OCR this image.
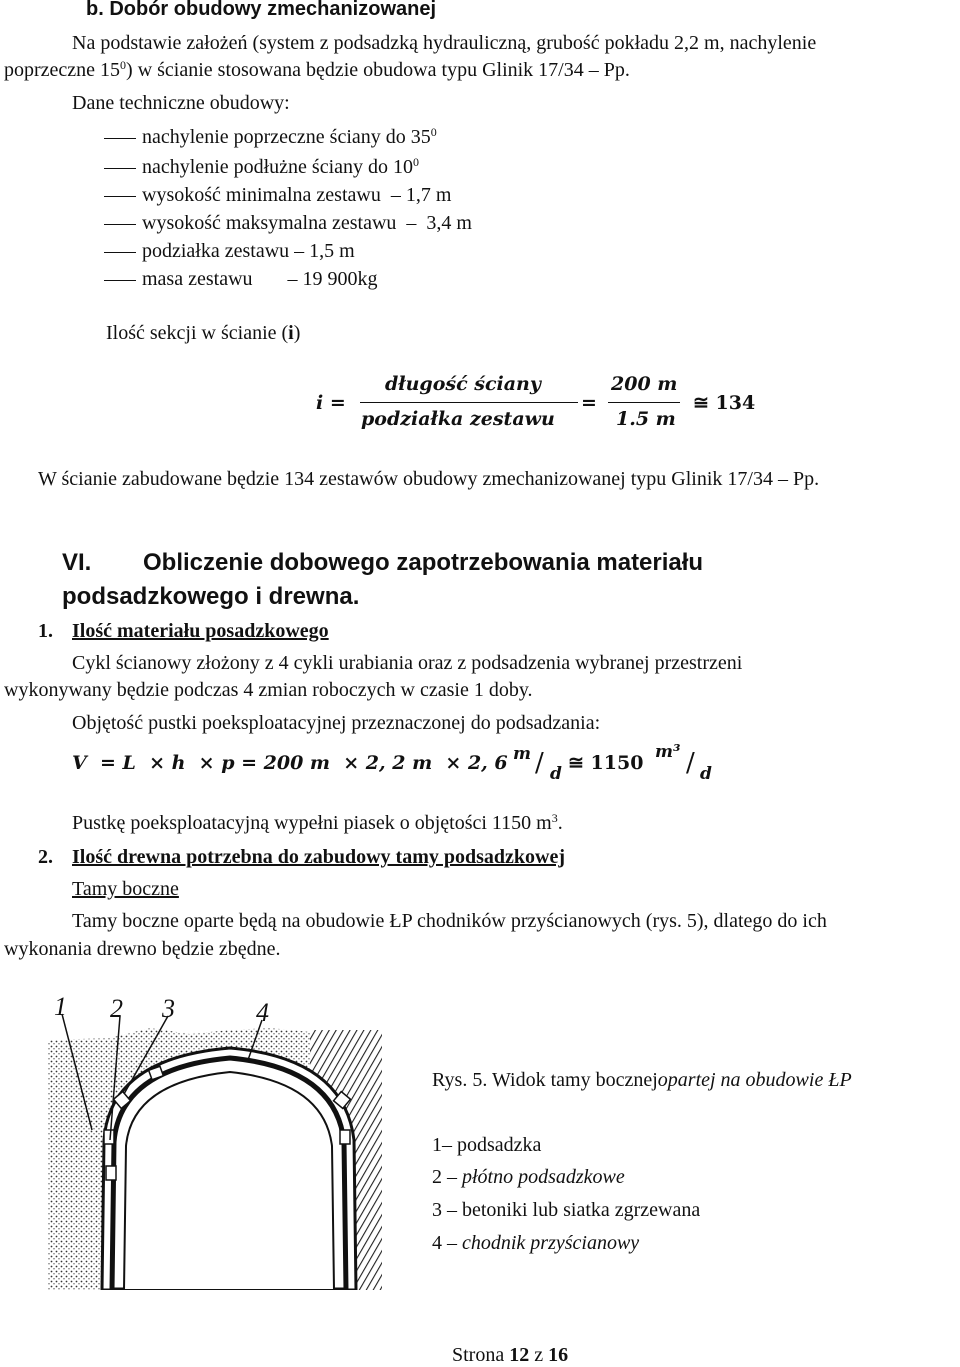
b. Dobór obudowy zmechanizowanej
Na podstawie założeń (system z podsadzką hydrauliczną, grubość pokładu 2,2 m, nachylenie
poprzeczne $15^0$) w ścianie stosowana będzie obudowa typu Glinik 17/34 – Pp.
Dane techniczne obudowy:
nachylenie poprzeczne ściany do $35^0$
nachylenie podłużne ściany do $10^0$
wysokość minimalna zestawu  – 1,7 m
wysokość maksymalna zestawu  –  3,4 m
podziałka zestawu – 1,5 m
masa zestawu       – 19 900kg
Ilość sekcji w ścianie (i)
i =
długość ściany
podziałka zestawu
=
200 m
1.5 m
≅ 134
W ścianie zabudowane będzie 134 zestawów obudowy zmechanizowanej typu Glinik 17/34 – Pp.
VI. Obliczenie dobowego zapotrzebowania materiału
podsadzkowego i drewna.
1. Ilość materiału posadzkowego
Cykl ścianowy złożony z 4 cykli urabiania oraz z podsadzenia wybranej przestrzeni
wykonywany będzie podczas 4 zmian roboczych w czasie 1 doby.
Objętość pustki poeksploatacyjnej przeznaczonej do podsadzania:
V  = L  × h  × p = 200 m  × 2, 2 m  × 2, 6 m / d ≅ 1150 m³ / d
Pustkę poeksploatacyjną wypełni piasek o objętości 1150 $m^3$.
2. Ilość drewna potrzebna do zabudowy tamy podsadzkowej
Tamy boczne
Tamy boczne oparte będą na obudowie ŁP chodników przyścianowych (rys. 5), dlatego do ich
wykonania drewno będzie zbędne.
1 2 3	4
Rys. 5. Widok tamy bocznejopartej na obudowie ŁP
1– podsadzka
2 – płótno podsadzkowe
3 – betoniki lub siatka zgrzewana
4 – chodnik przyścianowy
Strona 12 z 16
